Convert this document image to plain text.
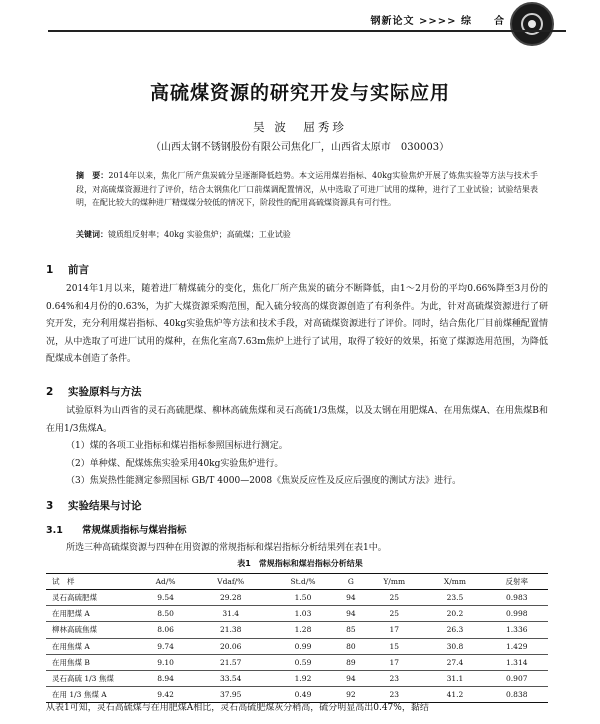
钢新论文 >>>> 综　　合
高硫煤资源的研究开发与实际应用
吴 波　屈秀珍
（山西太钢不锈钢股份有限公司焦化厂，山西省太原市　030003）
摘　要：2014年以来，焦化厂所产焦炭硫分呈逐渐降低趋势。本文运用煤岩指标、40kg实验焦炉开展了炼焦实验等方法与技术手段，对高硫煤资源进行了评价，结合太钢焦化厂口前煤调配置情况，从中选取了可进厂试用的煤种，进行了工业试验；试验结果表明，在配比较大的煤种进厂精煤煤分较低的情况下，阶段性的配用高硫煤资源具有可行性。
关键词：镜质组反射率；40kg 实验焦炉；高硫煤；工业试验
1 前言
2014年1月以来，随着进厂精煤硫分的变化，焦化厂所产焦炭的硫分不断降低，由1～2月份的平均0.66%降至3月份的0.64%和4月份的0.63%，为扩大煤资源采购范围，配入硫分较高的煤资源创造了有利条件。为此，针对高硫煤资源进行了研究开发，充分利用煤岩指标、40kg实验焦炉等方法和技术手段，对高硫煤资源进行了评价。同时，结合焦化厂目前煤種配置情况，从中选取了可进厂试用的煤种，在焦化室高7.63m焦炉上进行了试用，取得了较好的效果，拓宽了煤源选用范围，为降低配煤成本创造了条件。
2 实验原料与方法
试验原料为山西省的灵石高硫肥煤、柳林高硫焦煤和灵石高硫1/3焦煤，以及太钢在用肥煤A、在用焦煤A、在用焦煤B和在用1/3焦煤A。
（1）煤的各项工业指标和煤岩指标参照国标进行测定。
（2）单种煤、配煤炼焦实验采用40kg实验焦炉进行。
（3）焦炭热性能测定参照国标 GB/T 4000—2008《焦炭反应性及反应后强度的测试方法》进行。
3 实验结果与讨论
3.1 常规煤质指标与煤岩指标
所选三种高硫煤资源与四种在用资源的常规指标和煤岩指标分析结果列在表1中。
表1　常规指标和煤岩指标分析结果
试　样	Ad/%	Vdaf/%	St.d/%	G	Y/mm	X/mm	反射率
灵石高硫肥煤	9.54	29.28	1.50	94	25	23.5	0.983
在用肥煤 A	8.50	31.4	1.03	94	25	20.2	0.998
柳林高硫焦煤	8.06	21.38	1.28	85	17	26.3	1.336
在用焦煤 A	9.74	20.06	0.99	80	15	30.8	1.429
在用焦煤 B	9.10	21.57	0.59	89	17	27.4	1.314
灵石高硫 1/3 焦煤	8.94	33.54	1.92	94	23	31.1	0.907
在用 1/3 焦煤 A	9.42	37.95	0.49	92	23	41.2	0.838
从表1可知，灵石高硫煤与在用肥煤A相比，灵石高硫肥煤灰分稍高，硫分明显高出0.47%，黏结
